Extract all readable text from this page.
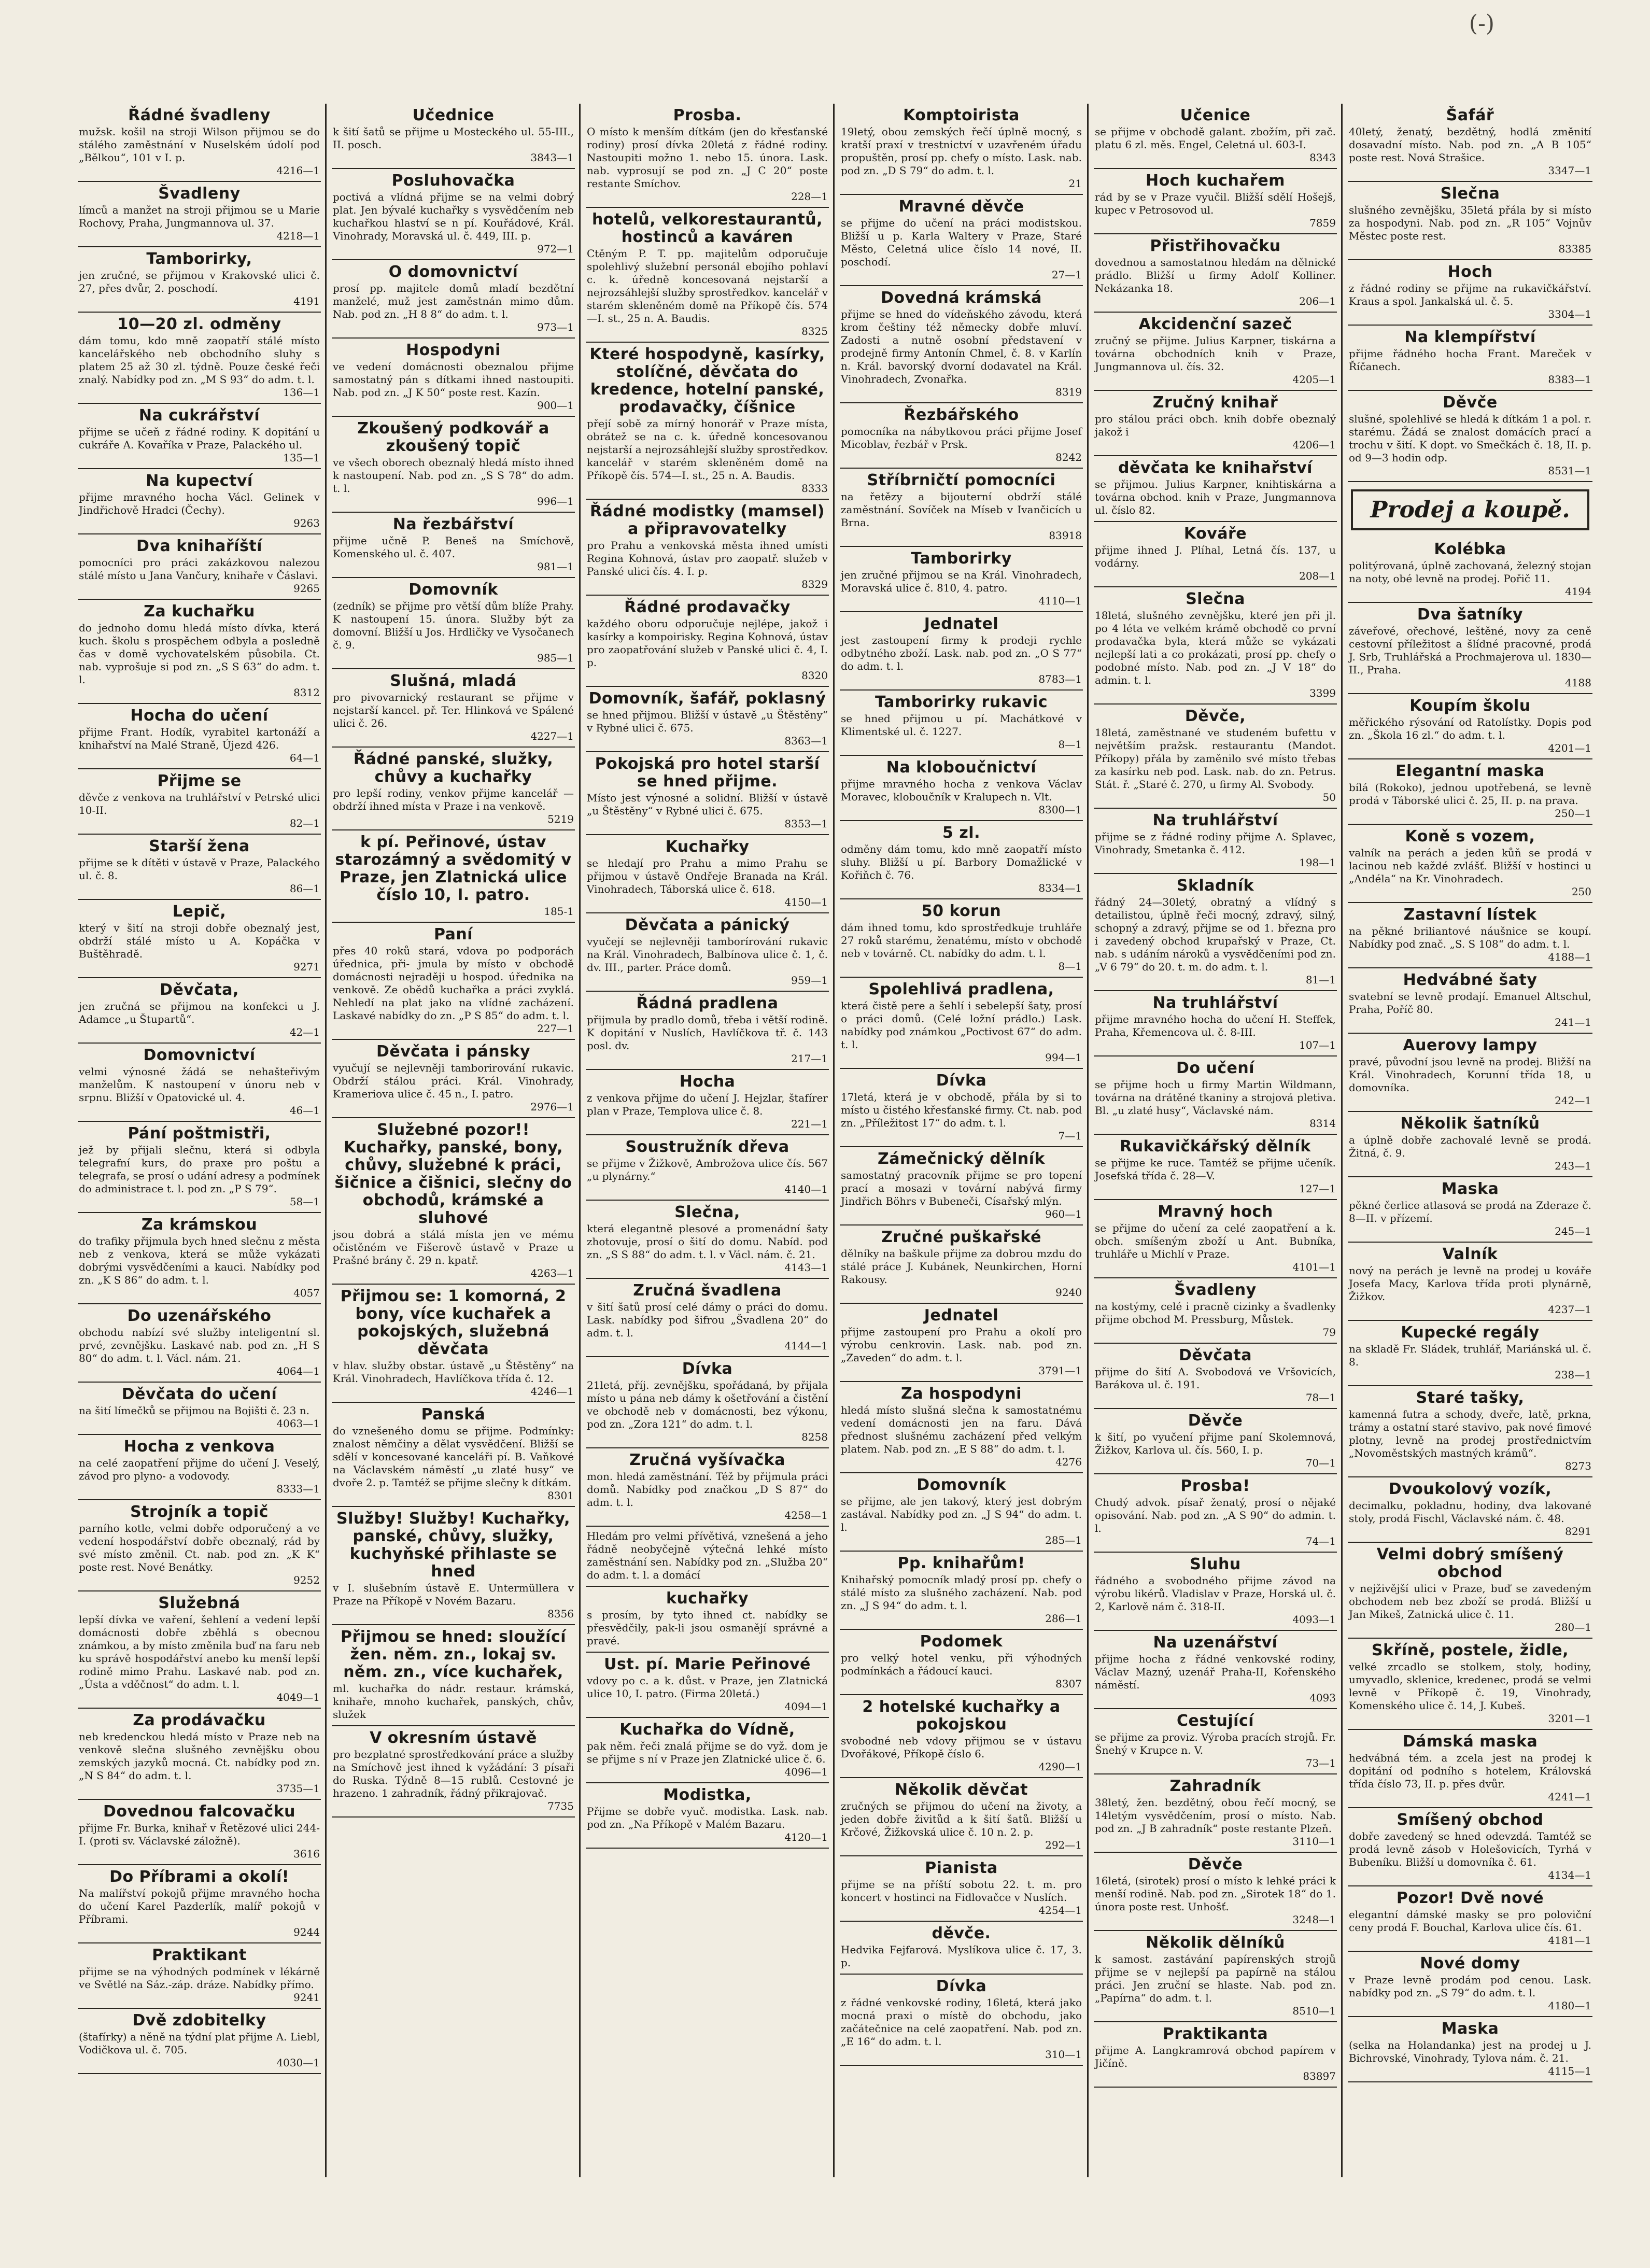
(-)
Řádné švadleny

mužsk. košil na stroji Wilson přijmou se do stálého zaměstnání v Nuselském údolí pod „Bělkou“, 101 v I. p.

4216—1
Švadleny

límců a manžet na stroji přijmou se u Marie Rochovy, Praha, Jungmannova ul. 37.

4218—1
Tamborirky,

jen zručné, se přijmou v Krakovské ulici č. 27, přes dvůr, 2. poschodí.

4191
10—20 zl. odměny

dám tomu, kdo mně zaopatří stálé místo kancelářského neb obchodního sluhy s platem 25 až 30 zl. týdně. Pouze české řeči znalý. Nabídky pod zn. „M S 93“ do adm. t. l.

136—1
Na cukrářství

přijme se učeň z řádné rodiny. K dopitání u cukráře A. Kovaříka v Praze, Palackého ul.

135—1
Na kupectví

přijme mravného hocha Václ. Gelinek v Jindřichově Hradci (Čechy).

9263
Dva knihaříští

pomocníci pro práci zakázkovou nalezou stálé místo u Jana Vančury, knihaře v Čáslavi.

9265
Za kuchařku

do jednoho domu hledá místo dívka, která kuch. školu s prospěchem odbyla a posledně čas v domě vychovatelském působila. Ct. nab. vyprošuje si pod zn. „S S 63“ do adm. t. l.

8312
Hocha do učení

přijme Frant. Hodík, vyrabitel kartonáží a knihařství na Malé Straně, Újezd 426.

64—1
Přijme se

děvče z venkova na truhlářství v Petrské ulici 10-II.

82—1
Starší žena

přijme se k dítěti v ústavě v Praze, Palackého ul. č. 8.

86—1
Lepič,

který v šití na stroji dobře obeznalý jest, obdrží stálé místo u A. Kopáčka v Buštěhradě.

9271
Děvčata,

jen zručná se přijmou na konfekci u J. Adamce „u Štupartů“.

42—1
Domovnictví

velmi výnosné žádá se nehašteřivým manželům. K nastoupení v únoru neb v srpnu. Bližší v Opatovické ul. 4.

46—1
Pání poštmistři,

jež by přijali slečnu, která si odbyla telegrafní kurs, do praxe pro poštu a telegrafa, se prosí o udání adresy a podmínek do administrace t. l. pod zn. „P S 79“.

58—1
Za krámskou

do trafiky přijmula bych hned slečnu z města neb z venkova, která se může vykázati dobrými vysvědčeními a kauci. Nabídky pod zn. „K S 86“ do adm. t. l.

4057
Do uzenářského

obchodu nabízí své služby inteligentní sl. prvé, zevnějšku. Laskavé nab. pod zn. „H S 80“ do adm. t. l. Václ. nám. 21.

4064—1
Děvčata do učení

na šití límečků se přijmou na Bojišti č. 23 n.

4063—1
Hocha z venkova

na celé zaopatření přijme do učení J. Veselý, závod pro plyno- a vodovody.

8333—1
Strojník a topič

parního kotle, velmi dobře odporučený a ve vedení hospodářství dobře obeznalý, rád by své místo změnil. Ct. nab. pod zn. „K K“ poste rest. Nové Benátky.

9252
Služebná

lepší dívka ve vaření, šehlení a vedení lepší domácnosti dobře zběhlá s obecnou známkou, a by místo změnila buď na faru neb ku správě hospodářství anebo ku menší lepší rodině mimo Prahu. Laskavé nab. pod zn. „Ústa a vděčnost“ do adm. t. l.

4049—1
Za prodávačku

neb kredenckou hledá místo v Praze neb na venkově slečna slušného zevnějšku obou zemských jazyků mocná. Ct. nabídky pod zn. „N S 84“ do adm. t. l.

3735—1
Dovednou falcovačku

přijme Fr. Burka, knihař v Řetězové ulici 244-I. (proti sv. Václavské záložně).

3616
Do Příbrami a okolí!

Na malířství pokojů přijme mravného hocha do učení Karel Pazderlík, malíř pokojů v Příbrami.

9244
Praktikant

přijme se na výhodných podmínek v lékárně ve Světlé na Sáz.-záp. dráze. Nabídky přímo.

9241
Dvě zdobitelky

(štafírky) a něně na týdní plat přijme A. Liebl, Vodičkova ul. č. 705.

4030—1
Učednice

k šití šatů se přijme u Mosteckého ul. 55-III., II. posch.

3843—1
Posluhovačka

poctivá a vlídná přijme se na velmi dobrý plat. Jen bývalé kuchařky s vysvědčením neb kuchařkou hlaství se n pí. Kouřádové, Král. Vinohrady, Moravská ul. č. 449, III. p.

972—1
O domovnictví

prosí pp. majitele domů mladí bezdětní manželé, muž jest zaměstnán mimo dům. Nab. pod zn. „H 8 8“ do adm. t. l.

973—1
Hospodyni

ve vedení domácnosti obeznalou přijme samostatný pán s dítkami ihned nastoupiti. Nab. pod zn. „J K 50“ poste rest. Kazín.

900—1
Zkoušený podkovář a zkoušený topič

ve všech oborech obeznalý hledá místo ihned k nastoupení. Nab. pod zn. „S S 78“ do adm. t. l.

996—1
Na řezbářství

přijme učně P. Beneš na Smíchově, Komenského ul. č. 407.

981—1
Domovník

(zedník) se přijme pro větší dům blíže Prahy. K nastoupení 15. února. Služby být za domovní. Bližší u Jos. Hrdličky ve Vysočanech č. 9.

985—1
Slušná, mladá

pro pivovarnický restaurant se přijme v nejstarší kancel. př. Ter. Hlinková ve Spálené ulici č. 26.

4227—1
Řádné panské, služky, chůvy a kuchařky

pro lepší rodiny, venkov přijme kancelář — obdrží ihned místa v Praze i na venkově.

5219
k pí. Peřinové, ústav starozámný a svědomitý v Praze, jen Zlatnická ulice číslo 10, I. patro.
185-1
Paní

přes 40 roků stará, vdova po podporách úřednica, při- jmula by místo v obchodě domácnosti nejraději u hospod. úřednika na venkově. Ze obědů kuchařka a práci zvyklá. Nehledí na plat jako na vlídné zacházení. Laskavé nabídky do zn. „P S 85“ do adm. t. l.

227—1
Děvčata i pánsky

vyučují se nejlevněji tamborirování rukavic. Obdrží stálou práci. Král. Vinohrady, Krameriova ulice č. 45 n., I. patro.

2976—1
Služebné pozor!! Kuchařky, panské, bony, chůvy, služebné k práci, šičnice a čišnici, slečny do obchodů, krámské a sluhové

jsou dobrá a stálá místa jen ve mému očistěném ve Fišerově ústavě v Praze u Prašné brány č. 29 n. kpatř.

4263—1
Přijmou se: 1 komorná, 2 bony, více kuchařek a pokojských, služebná děvčata

v hlav. služby obstar. ústavě „u Štěstěny“ na Král. Vinohradech, Havlíčkova třída č. 12.

4246—1
Panská

do vznešeného domu se přijme. Podmínky: znalost němčiny a dělat vysvědčení. Bližší se sdělí v koncesované kanceláři pí. B. Vaňkové na Václavském náměstí „u zlaté husy“ ve dvoře 2. p. Tamtéž se přijme slečny k dítkám.

8301
Služby! Služby! Kuchařky, panské, chůvy, služky, kuchyňské přihlaste se hned

v I. slušebním ústavě E. Untermüllera v Praze na Příkopě v Novém Bazaru.

8356
Přijmou se hned: sloužící žen. něm. zn., lokaj sv. něm. zn., více kuchařek,

ml. kuchařka do nádr. restaur. krámská, knihaře, mnoho kuchařek, panských, chův, služek

V okresním ústavě

pro bezplatné sprostředkování práce a služby na Smíchově jest ihned k vyžádání: 3 písaři do Ruska. Týdně 8—15 rublů. Cestovné je hrazeno. 1 zahradník, řádný přikrajovač.

7735
Prosba.

O místo k menším dítkám (jen do křesťanské rodiny) prosí dívka 20letá z řádné rodiny. Nastoupiti možno 1. nebo 15. února. Lask. nab. vyprosují se pod zn. „J C 20“ poste restante Smíchov.

228—1
hotelů, velkorestaurantů, hostinců a kaváren

Ctěným P. T. pp. majitelům odporučuje spolehlivý služební personál ebojího pohlaví c. k. úředně koncesovaná nejstarší a nejrozsáhlejší služby sprostředkov. kancelář v starém skleněném domě na Příkopě čís. 574—I. st., 25 n. A. Baudis.

8325
Které hospodyně, kasírky, stolíčné, děvčata do kredence, hotelní panské, prodavačky, číšnice

přejí sobě za mírný honorář v Praze místa, obrátež se na c. k. úředně koncesovanou nejstarší a nejrozsáhlejší služby sprostředkov. kancelář v starém skleněném domě na Příkopě čís. 574—I. st., 25 n. A. Baudis.

8333
Řádné modistky (mamsel) a připravovatelky

pro Prahu a venkovská města ihned umísti Regina Kohnová, ústav pro zaopatř. služeb v Panské ulici čís. 4. I. p.

8329
Řádné prodavačky

každého oboru odporučuje nejlépe, jakož i kasírky a kompoirisky. Regina Kohnová, ústav pro zaopatřování služeb v Panské ulici č. 4, I. p.

8320
Domovník, šafář, poklasný

se hned přijmou. Bližší v ústavě „u Štěstěny“ v Rybné ulici č. 675.

8363—1
Pokojská pro hotel starší se hned přijme.

Místo jest výnosné a solidní. Bližší v ústavě „u Štěstěny“ v Rybné ulici č. 675.

8353—1
Kuchařky

se hledají pro Prahu a mimo Prahu se přijmou v ústavě Ondřeje Branada na Král. Vinohradech, Táborská ulice č. 618.

4150—1
Děvčata a pánický

vyučejí se nejlevněji tamborírování rukavic na Král. Vinohradech, Balbínova ulice č. 1, č. dv. III., parter. Práce domů.

959—1
Řádná pradlena

přijmula by pradlo domů, třeba i větší rodině. K dopitání v Nuslích, Havlíčkova tř. č. 143 posl. dv.

217—1
Hocha

z venkova přijme do učení J. Hejzlar, štafírer plan v Praze, Templova ulice č. 8.

221—1
Soustružník dřeva

se přijme v Žižkově, Ambrožova ulice čís. 567 „u plynárny.“

4140—1
Slečna,

která elegantně plesové a promenádní šaty zhotovuje, prosí o šití do domu. Nabíd. pod zn. „S S 88“ do adm. t. l. v Václ. nám. č. 21.

4143—1
Zručná švadlena

v šití šatů prosí celé dámy o práci do domu. Lask. nabídky pod šifrou „Švadlena 20“ do adm. t. l.

4144—1
Dívka

21letá, příj. zevnějšku, spořádaná, by přijala místo u pána neb dámy k ošetřování a čistění ve obchodě neb v domácnosti, bez výkonu, pod zn. „Zora 121“ do adm. t. l.

8258
Zručná vyšívačka

mon. hledá zaměstnání. Též by přijmula práci domů. Nabídky pod značkou „D S 87“ do adm. t. l.

4258—1

Hledám pro velmi přívětivá, vznešená a jeho řádně neobyčejně výtečná lehké místo zaměstnání sen. Nabídky pod zn. „Služba 20“ do adm. t. l. a domácí

kuchařky

s prosím, by tyto ihned ct. nabídky se přesvědčily, pak-li jsou osmanějí správné a pravé.

Ust. pí. Marie Peřinové

vdovy po c. a k. důst. v Praze, jen Zlatnická ulice 10, I. patro. (Firma 20letá.)

4094—1
Kuchařka do Vídně,

pak něm. řeči znalá přijme se do vyž. dom je se přijme s ní v Praze jen Zlatnické ulice č. 6.

4096—1
Modistka,

Přijme se dobře vyuč. modistka. Lask. nab. pod zn. „Na Příkopě v Malém Bazaru.

4120—1
Komptoiristа

19letý, obou zemských řečí úplně mocný, s kratší praxí v trestnictví v uzavřeném úřadu propuštěn, prosí pp. chefy o místo. Lask. nab. pod zn. „D S 79“ do adm. t. l.

21
Mravné děvče

se přijme do učení na práci modistskou. Bližší u p. Karla Waltery v Praze, Staré Město, Celetná ulice číslo 14 nové, II. poschodí.

27—1
Dovedná krámská

přijme se hned do vídeňského závodu, která krom češtiny též německy dobře mluví. Zadosti a nutně osobní představení v prodejně firmy Antonín Chmel, č. 8. v Karlín n. Král. bavorský dvorní dodavatel na Král. Vinohradech, Zvonařka.

8319
Řezbářského

pomocníka na nábytkovou práci přijme Josef Micoblav, řezbář v Prsk.

8242
Stříbrničtí pomocníci

na řetězy a bijouterní obdrží stálé zaměstnání. Sovíček na Míseb v Ivančicích u Brna.

83918
Tamborirky

jen zručné přijmou se na Král. Vinohradech, Moravská ulice č. 810, 4. patro.

4110—1
Jednatel

jest zastoupení firmy k prodeji rychle odbytného zboží. Lask. nab. pod zn. „O S 77“ do adm. t. l.

8783—1
Tamborirky rukavic

se hned přijmou u pí. Machátkové v Klimentské ul. č. 1227.

8—1
Na kloboučnictví

přijme mravného hocha z venkova Václav Moravec, kloboučník v Kralupech n. Vlt.

8300—1
5 zl.

odměny dám tomu, kdo mně zaopatří místo sluhy. Bližší u pí. Barbory Domažlické v Kořiňch č. 76.

8334—1
50 korun

dám ihned tomu, kdo sprostředkuje truhláře 27 roků starému, ženatému, místo v obchodě neb v továrně. Ct. nabídky do adm. t. l.

8—1
Spolehlivá pradlena,

která čistě pere a šehlí i sebelepší šaty, prosí o práci domů. (Celé ložní prádlo.) Lask. nabídky pod známkou „Poctivost 67“ do adm. t. l.

994—1
Dívka

17letá, která je v obchodě, přála by si to místo u čistého křesťanské firmy. Ct. nab. pod zn. „Příležitost 17“ do adm. t. l.

7—1
Zámečnický dělník

samostatný pracovník přijme se pro topení prací a mosazi v tovární nabývá firmy Jindřich Böhrs v Bubeneči, Císařský mlýn.

960—1
Zručné puškařské

dělníky na baškule přijme za dobrou mzdu do stálé práce J. Kubánek, Neunkirchen, Horní Rakousy.

9240
Jednatel

přijme zastoupení pro Prahu a okolí pro výrobu cenkrovin. Lask. nab. pod zn. „Zaveden“ do adm. t. l.

3791—1
Za hospodyni

hledá místo slušná slečna k samostatnému vedení domácnosti jen na faru. Dává přednost slušnému zacházení před velkým platem. Nab. pod zn. „E S 88“ do adm. t. l.

4276
Domovník

se přijme, ale jen takový, který jest dobrým zastával. Nabídky pod zn. „J S 94“ do adm. t. l.

285—1
Pp. knihařům!

Knihařský pomocník mladý prosí pp. chefy o stálé místo za slušného zacházení. Nab. pod zn. „J S 94“ do adm. t. l.

286—1
Podomek

pro velký hotel venku, při výhodných podmínkách a řádoucí kauci.

8307
2 hotelské kuchařky a pokojskou

svobodné neb vdovy přijmou se v ústavu Dvořákové, Příkopě číslo 6.

4290—1
Několik děvčat

zručných se přijmou do učení na životy, a jeden dobře živitůd a k šití šatů. Bližší u Krčové, Žižkovská ulice č. 10 n. 2. p.

292—1
Pianista

přijme se na příští sobotu 22. t. m. pro koncert v hostinci na Fidlovačce v Nuslích.

4254—1
děvče.

Hedvika Fejfarová. Myslíkova ulice č. 17, 3. p.

Dívka

z řádné venkovské rodiny, 16letá, která jako mocná praxi o místě do obchodu, jako začátečnice na celé zaopatření. Nab. pod zn. „E 16“ do adm. t. l.

310—1
Učenice

se přijme v obchodě galant. zbožím, při zač. platu 6 zl. měs. Engel, Celetná ul. 603-I.

8343
Hoch kuchařem

rád by se v Praze vyučil. Bližší sdělí Hošejš, kupec v Petrosovod ul.

7859
Přistřihovačku

dovednou a samostatnou hledám na dělnické prádlo. Bližší u firmy Adolf Kolliner. Nekázanka 18.

206—1
Akcidenční sazeč

zručný se přijme. Julius Karpner, tiskárna a továrna obchodních knih v Praze, Jungmannova ul. čís. 32.

4205—1
Zručný knihař

pro stálou práci obch. knih dobře obeznalý jakož i

4206—1
děvčata ke knihařství

se přijmou. Julius Karpner, knihtiskárna a továrna obchod. knih v Praze, Jungmannova ul. číslo 82.

Kováře

přijme ihned J. Plíhal, Letná čís. 137, u vodárny.

208—1
Slečna

18letá, slušného zevnějšku, které jen při jl. po 4 léta ve velkém krámě obchodě co první prodavačka byla, která může se vykázati nejlepší lati a co prokázati, prosí pp. chefy o podobné místo. Nab. pod zn. „J V 18“ do admin. t. l.

3399
Děvče,

18letá, zaměstnané ve studeném bufettu v největším pražsk. restaurantu (Mandot. Příkopy) přála by zaměnilo své místo třebas za kasírku neb pod. Lask. nab. do zn. Petrus. Stát. ř. „Staré č. 270, u firmy Al. Svobody.

50
Na truhlářství

přijme se z řádné rodiny přijme A. Splavec, Vinohrady, Smetanka č. 412.

198—1
Skladník

řádný 24—30letý, obratný a vlídný s detailistou, úplně řeči mocný, zdravý, silný, schopný a zdravý, přijme se od 1. března pro i zavedený obchod krupařský v Praze, Ct. nab. s udáním nároků a vysvědčeními pod zn. „V 6 79“ do 20. t. m. do adm. t. l.

81—1
Na truhlářství

přijme mravného hocha do učení H. Steffek, Praha, Křemencova ul. č. 8-III.

107—1
Do učení

se přijme hoch u firmy Martin Wildmann, továrna na drátěné tkaniny a strojová pletiva. Bl. „u zlaté husy“, Václavské nám.

8314
Rukavičkářský dělník

se přijme ke ruce. Tamtéž se přijme učeník. Josefská třída č. 28—V.

127—1
Mravný hoch

se přijme do učení za celé zaopatření a k. obch. smíšeným zboží u Ant. Bubníka, truhláře u Michlí v Praze.

4101—1
Švadleny

na kostýmy, celé i pracně cizinky a švadlenky přijme obchod M. Pressburg, Můstek.

79
Děvčata

přijme do šití A. Svobodová ve Vršovicích, Barákova ul. č. 191.

78—1
Děvče

k šití, po vyučení přijme paní Skolemnová, Žižkov, Karlova ul. čís. 560, I. p.

70—1
Prosba!

Chudý advok. písař ženatý, prosí o nějaké opisování. Nab. pod zn. „A S 90“ do admin. t. l.

74—1
Sluhu

řádného a svobodného přijme závod na výrobu likérů. Vladislav v Praze, Horská ul. č. 2, Karlově nám č. 318-II.

4093—1
Na uzenářství

přijme hocha z řádné venkovské rodiny, Václav Mazný, uzenář Praha-II, Kořenského náměstí.

4093
Cestující

se přijme za proviz. Výroba pracích strojů. Fr. Šnehý v Krupce n. V.

73—1
Zahradník

38letý, žen. bezdětný, obou řečí mocný, se 14letým vysvědčením, prosí o místo. Nab. pod zn. „J B zahradník“ poste restante Plzeň.

3110—1
Děvče

16letá, (sirotek) prosí o místo k lehké práci k menší rodině. Nab. pod zn. „Sirotek 18“ do 1. února poste rest. Unhošť.

3248—1
Několik dělníků

k samost. zastávání papírenských strojů přijme se v nejlepší pa papírně na stálou práci. Jen zruční se hlaste. Nab. pod zn. „Papírna“ do adm. t. l.

8510—1
Praktikanta

přijme A. Langkramrová obchod papírem v Jičíně.

83897
Šafář

40letý, ženatý, bezdětný, hodlá změnití dosavadní místo. Nab. pod zn. „A B 105“ poste rest. Nová Strašice.

3347—1
Slečna

slušného zevnějšku, 35letá přála by si místo za hospodyni. Nab. pod zn. „R 105“ Vojnův Městec poste rest.

83385
Hoch

z řádné rodiny se přijme na rukavičkářství. Kraus a spol. Jankalská ul. č. 5.

3304—1
Na klempířství

přijme řádného hocha Frant. Mareček v Říčanech.

8383—1
Děvče

slušné, spolehlivé se hledá k dítkám 1 a pol. r. starému. Žádá se znalost domácích prací a trochu v šití. K dopt. vo Smečkách č. 18, II. p. od 9—3 hodin odp.

8531—1
Prodej a koupě.
Kolébka

politýrovaná, úplně zachovaná, železný stojan na noty, obé levně na prodej. Pořič 11.

4194
Dva šatníky

záveřové, ořechové, leštěné, novy za ceně cestovní příležitost a šlídné pracovné, prodá J. Srb, Truhlářská a Prochmajerova ul. 1830—II., Praha.

4188
Koupím školu

měřického rýsování od Ratolístky. Dopis pod zn. „Škola 16 zl.“ do adm. t. l.

4201—1
Elegantní maska

bílá (Rokoko), jednou upotřebená, se levně prodá v Táborské ulici č. 25, II. p. na prava.

250—1
Koně s vozem,

valník na perách a jeden kůň se prodá v lacinou neb každé zvlášť. Bližší v hostinci u „Andéla“ na Kr. Vinohradech.

250
Zastavní lístek

na pěkné briliantové náušnice se koupí. Nabídky pod znač. „S. S 108“ do adm. t. l.

4188—1
Hedvábné šaty

svatební se levně prodají. Emanuel Altschul, Praha, Poříč 80.

241—1
Auerovy lampy

pravé, původní jsou levně na prodej. Bližší na Král. Vinohradech, Korunní třída 18, u domovníka.

242—1
Několik šatníků

a úplně dobře zachovalé levně se prodá. Žitná, č. 9.

243—1
Maska

pěkné čerlice atlasová se prodá na Zderaze č. 8—II. v přízemí.

245—1
Valník

nový na perách je levně na prodej u kováře Josefa Macy, Karlova třída proti plynárně, Žižkov.

4237—1
Kupecké regály

na skladě Fr. Sládek, truhlář, Mariánská ul. č. 8.

238—1
Staré tašky,

kamenná futra a schody, dveře, latě, prkna, trámy a ostatní staré stavivo, pak nové fimové plotny, levně na prodej prostřednictvím „Novoměstských mastných krámů“.

8273
Dvoukolový vozík,

decimalku, pokladnu, hodiny, dva lakované stoly, prodá Fischl, Václavské nám. č. 48.

8291
Velmi dobrý smíšený obchod

v nejživější ulici v Praze, buď se zavedeným obchodem neb bez zboží se prodá. Bližší u Jan Mikeš, Zatnická ulice č. 11.

280—1
Skříně, postele, židle,

velké zrcadlo se stolkem, stoly, hodiny, umyvadlo, sklenice, kredenec, prodá se velmi levně v Příkopě č. 19, Vinohrady, Komenského ulice č. 14, J. Kubeš.

3201—1
Dámská maska

hedvábná tém. a zcela jest na prodej k dopitání od podního s hotelem, Královská třída číslo 73, II. p. přes dvůr.

4241—1
Smíšený obchod

dobře zavedený se hned odevzdá. Tamtéž se prodá levně zásob v Holešovicích, Tyrhá v Bubeníku. Bližší u domovníka č. 61.

4134—1
Pozor! Dvě nové

elegantní dámské masky se pro poloviční ceny prodá F. Bouchal, Karlova ulice čís. 61.

4181—1
Nové domy

v Praze levně prodám pod cenou. Lask. nabídky pod zn. „S 79“ do adm. t. l.

4180—1
Maska

(selka na Holandanka) jest na prodej u J. Bichrovské, Vinohrady, Tylova nám. č. 21.

4115—1
